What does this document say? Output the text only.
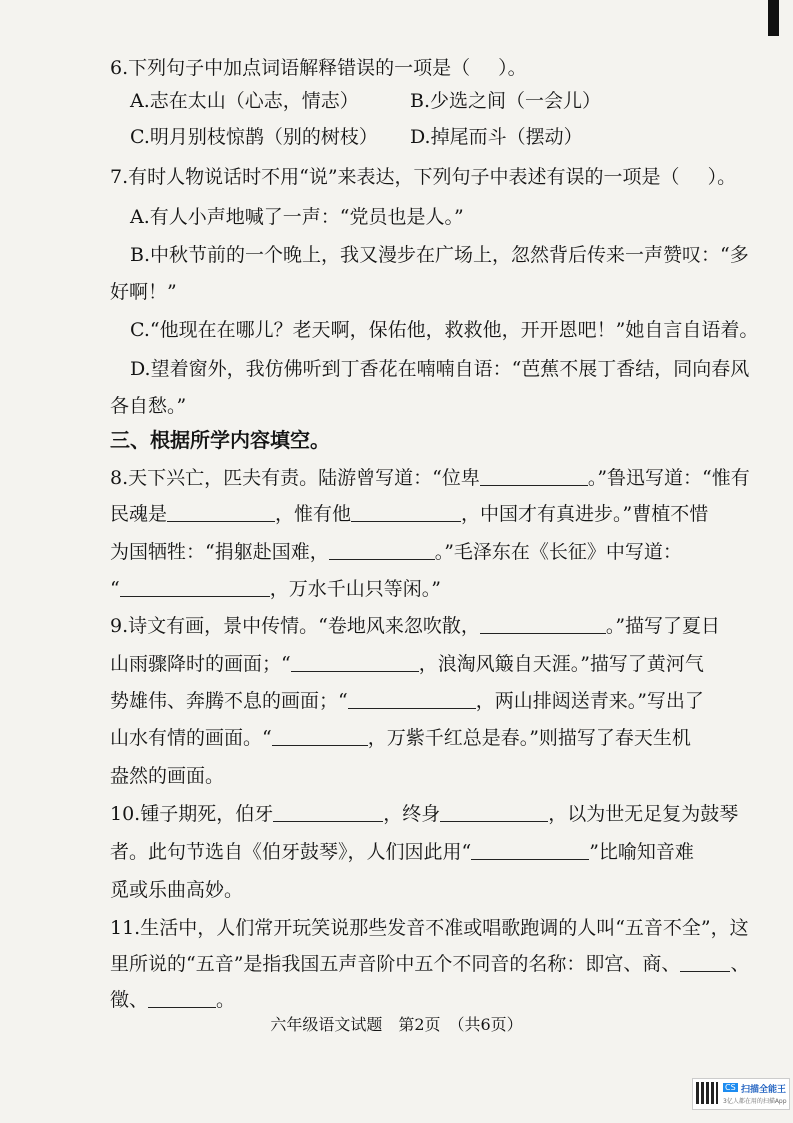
6.下列句子中加点词语解释错误的一项是（ ）。
A.志在太山（心志，情志）	B.少选之间（一会儿）
C.明月别枝惊鹊（别的树枝） D.掉尾而斗（摆动）
7.有时人物说话时不用“说”来表达，下列句子中表述有误的一项是（ ）。
A.有人小声地喊了一声：“党员也是人。”
B.中秋节前的一个晚上，我又漫步在广场上，忽然背后传来一声赞叹：“多
好啊！”
C.“他现在在哪儿？老天啊，保佑他，救救他，开开恩吧！”她自言自语着。
D.望着窗外，我仿佛听到丁香花在喃喃自语：“芭蕉不展丁香结，同向春风
各自愁。”
三、根据所学内容填空。
8.天下兴亡，匹夫有责。陆游曾写道：“位卑	。”鲁迅写道：“惟有
民魂是	，惟有他	，中国才有真进步。”曹植不惜
为国牺牲：“捐躯赴国难，	。”毛泽东在《长征》中写道：
“	，万水千山只等闲。”
9.诗文有画，景中传情。“卷地风来忽吹散，	。”描写了夏日
山雨骤降时的画面；“	，浪淘风簸自天涯。”描写了黄河气
势雄伟、奔腾不息的画面；“	，两山排闼送青来。”写出了
山水有情的画面。“	，万紫千红总是春。”则描写了春天生机
盎然的画面。
10.锺子期死，伯牙	，终身	，以为世无足复为鼓琴
者。此句节选自《伯牙鼓琴》，人们因此用“	”比喻知音难
觅或乐曲高妙。
11.生活中，人们常开玩笑说那些发音不准或唱歌跑调的人叫“五音不全”，这
里所说的“五音”是指我国五声音阶中五个不同音的名称：即宫、商、	、
徵、	。
六年级语文试题　第2页　（共6页）
CS 扫描全能王
3亿人都在用的扫描App
